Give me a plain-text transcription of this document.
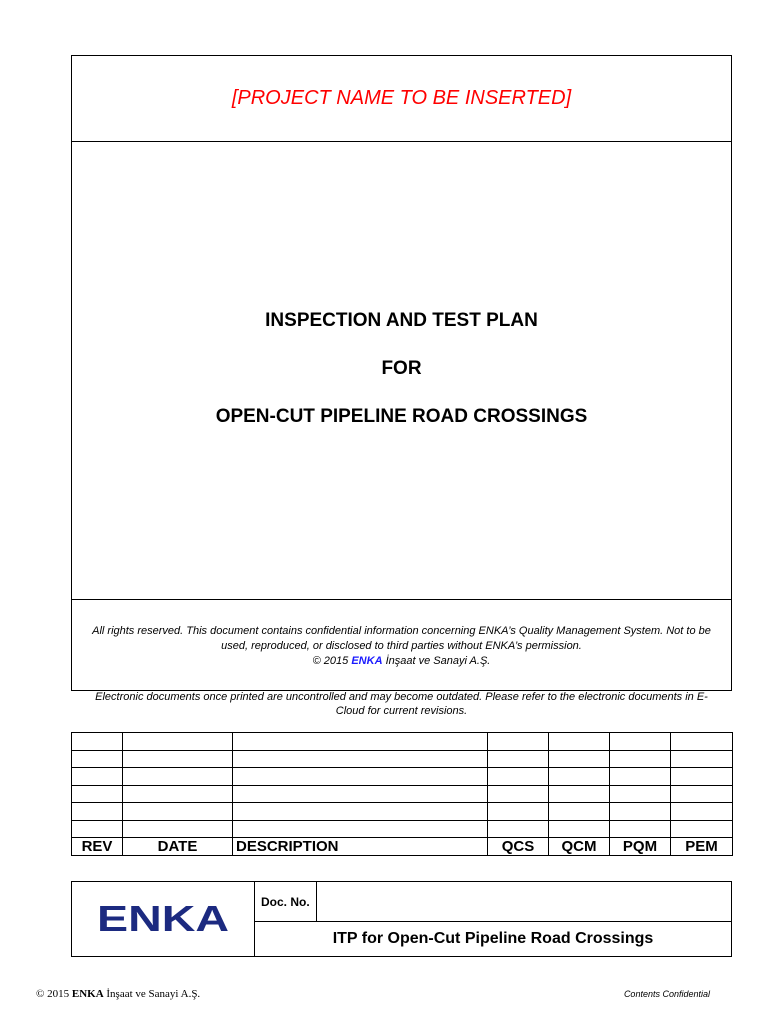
[PROJECT NAME TO BE INSERTED]
INSPECTION AND TEST PLAN
FOR
OPEN-CUT PIPELINE ROAD CROSSINGS
All rights reserved. This document contains confidential information concerning ENKA’s Quality Management System. Not to be used, reproduced, or disclosed to third parties without ENKA’s permission.
© 2015 ENKA İnşaat ve Sanayi A.Ş.
Electronic documents once printed are uncontrolled and may become outdated. Please refer to the electronic documents in E-Cloud for current revisions.

REV	DATE	DESCRIPTION	QCS	QCM	PQM	PEM
ENKA	Doc. No.
ITP for Open-Cut Pipeline Road Crossings
© 2015 ENKA İnşaat ve Sanayi A.Ş.	Contents Confidential
